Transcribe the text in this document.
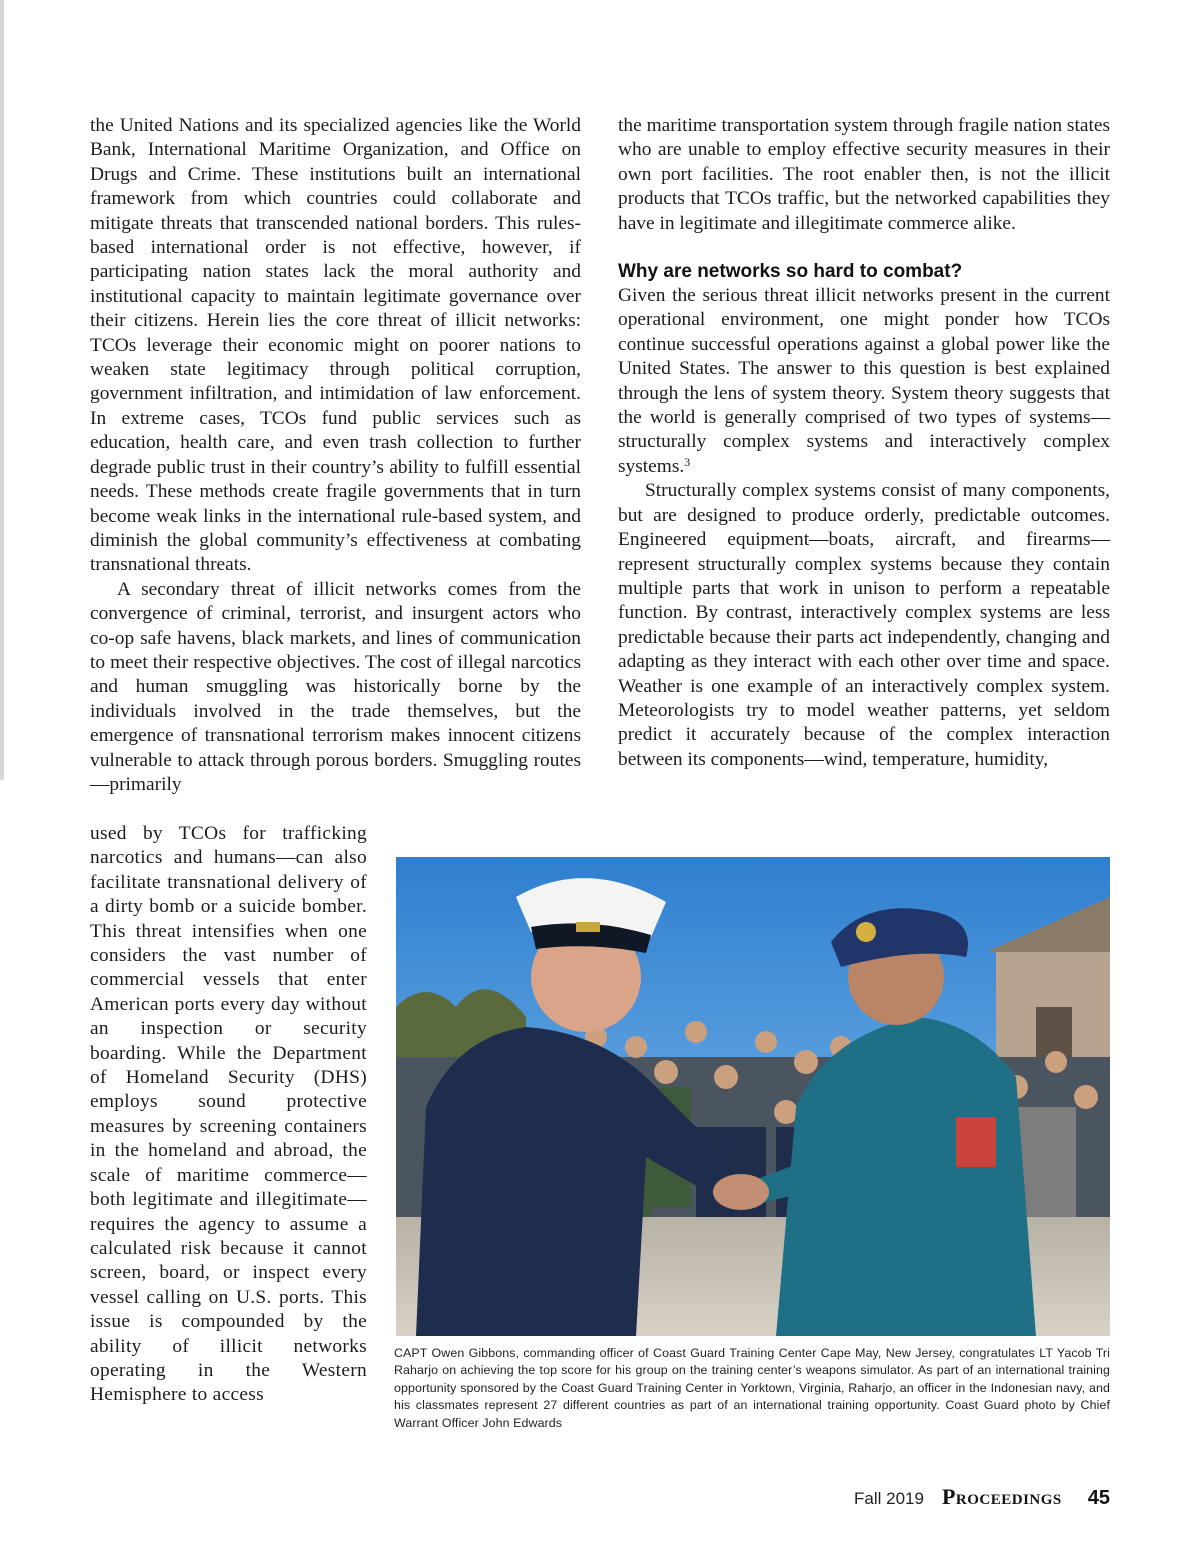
the United Nations and its specialized agencies like the World Bank, International Maritime Organization, and Office on Drugs and Crime. These institutions built an international framework from which countries could collaborate and mitigate threats that transcended national borders. This rules-based international order is not effective, however, if participating nation states lack the moral authority and institutional capacity to maintain legitimate governance over their citizens. Herein lies the core threat of illicit networks: TCOs leverage their economic might on poorer nations to weaken state legitimacy through political corruption, government infiltration, and intimidation of law enforcement. In extreme cases, TCOs fund public services such as education, health care, and even trash collection to further degrade public trust in their country’s ability to fulfill essential needs. These methods create fragile governments that in turn become weak links in the international rule-based system, and diminish the global community’s effectiveness at combating transnational threats.

A secondary threat of illicit networks comes from the convergence of criminal, terrorist, and insurgent actors who co-op safe havens, black markets, and lines of communication to meet their respective objectives. The cost of illegal narcotics and human smuggling was historically borne by the individuals involved in the trade themselves, but the emergence of transnational terrorism makes innocent citizens vulnerable to attack through porous borders. Smuggling routes—primarily

used by TCOs for trafficking narcotics and humans—can also facilitate transnational delivery of a dirty bomb or a suicide bomber. This threat intensifies when one considers the vast number of commercial vessels that enter American ports every day without an inspection or security boarding. While the Department of Homeland Security (DHS) employs sound protective measures by screening containers in the homeland and abroad, the scale of maritime commerce—both legitimate and illegitimate—requires the agency to assume a calculated risk because it cannot screen, board, or inspect every vessel calling on U.S. ports. This issue is compounded by the ability of illicit networks operating in the Western Hemisphere to access

the maritime transportation system through fragile nation states who are unable to employ effective security measures in their own port facilities. The root enabler then, is not the illicit products that TCOs traffic, but the networked capabilities they have in legitimate and illegitimate commerce alike.

Why are networks so hard to combat?

Given the serious threat illicit networks present in the current operational environment, one might ponder how TCOs continue successful operations against a global power like the United States. The answer to this question is best explained through the lens of system theory. System theory suggests that the world is generally comprised of two types of systems—structurally complex systems and interactively complex systems.$^3$

Structurally complex systems consist of many components, but are designed to produce orderly, predictable outcomes. Engineered equipment—boats, aircraft, and firearms—represent structurally complex systems because they contain multiple parts that work in unison to perform a repeatable function. By contrast, interactively complex systems are less predictable because their parts act independently, changing and adapting as they interact with each other over time and space. Weather is one example of an interactively complex system. Meteorologists try to model weather patterns, yet seldom predict it accurately because of the complex interaction between its components—wind, temperature, humidity,

CAPT Owen Gibbons, commanding officer of Coast Guard Training Center Cape May, New Jersey, congratulates LT Yacob Tri Raharjo on achieving the top score for his group on the training center’s weapons simulator. As part of an international training opportunity sponsored by the Coast Guard Training Center in Yorktown, Virginia, Raharjo, an officer in the Indonesian navy, and his classmates represent 27 different countries as part of an international training opportunity. Coast Guard photo by Chief Warrant Officer John Edwards
Fall 2019 Proceedings 45
